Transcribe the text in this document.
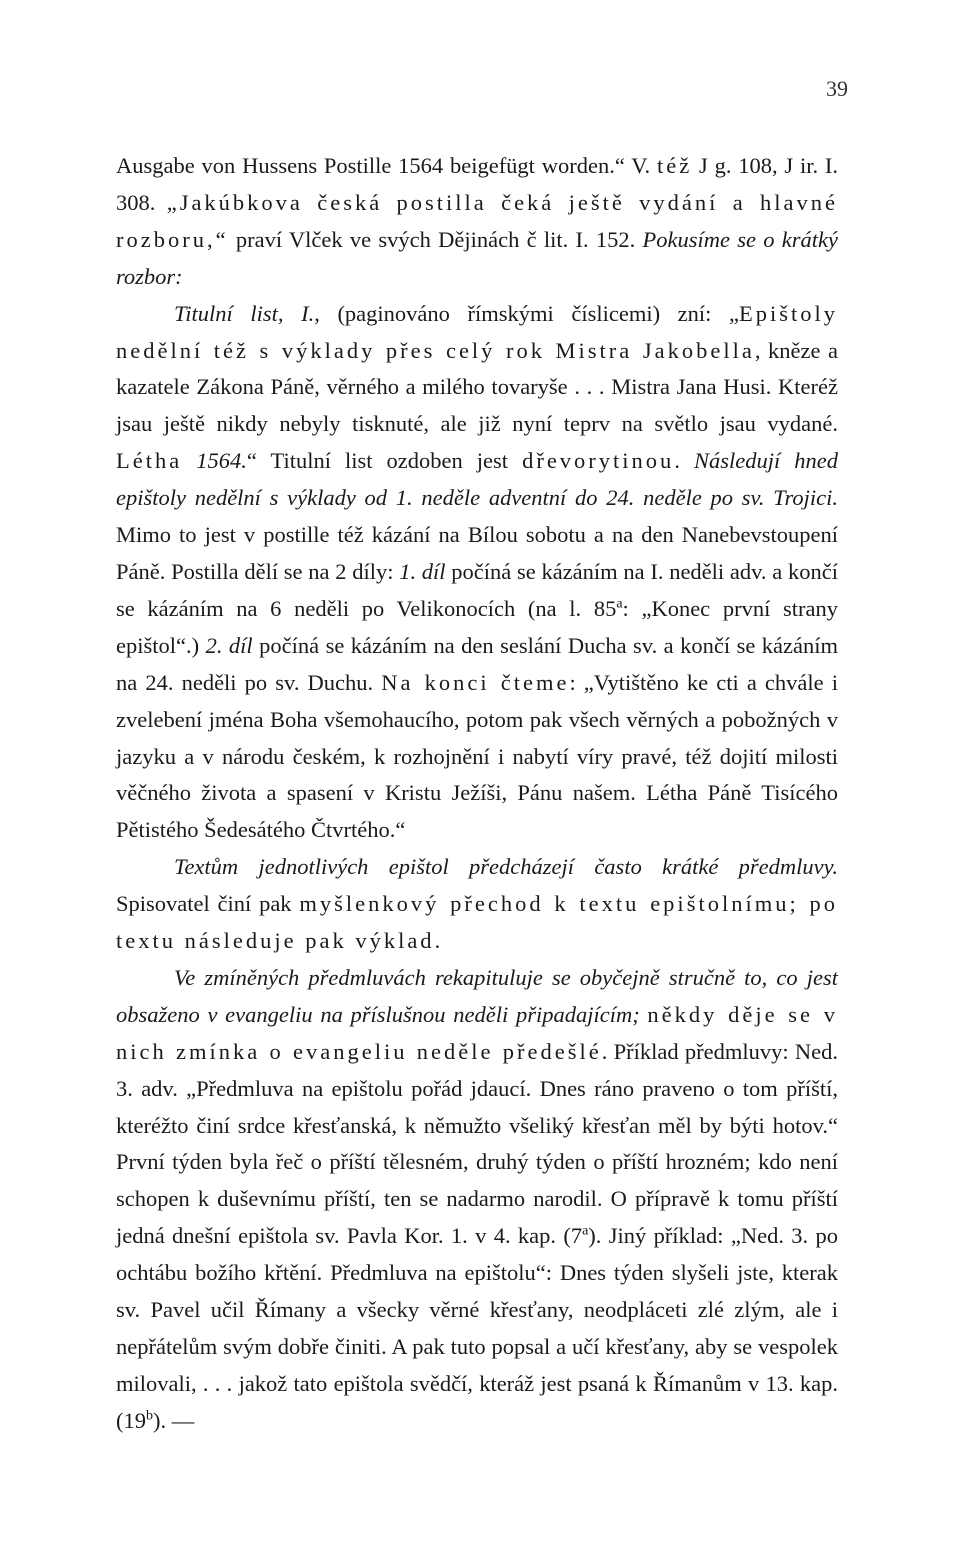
39

Ausgabe von Hussens Postille 1564 beigefügt worden.“ V. též J g. 108, J ir. I. 308. „Jakúbkova česká postilla čeká ještě vydání a hlavné rozboru,“ praví Vlček ve svých Dějinách č lit. I. 152. Pokusíme se o krátký rozbor:

Titulní list, I., (paginováno římskými číslicemi) zní: „Epištoly nedělní též s výklady přes celý rok Mistra Jakobella, kněze a kazatele Zákona Páně, věrného a milého tovaryše . . . Mistra Jana Husi. Kteréž jsau ještě nikdy nebyly tisknuté, ale již nyní teprv na světlo jsau vydané. Létha 1564.“ Titulní list ozdoben jest dřevorytinou. Následují hned epištoly nedělní s výklady od 1. neděle adventní do 24. neděle po sv. Trojici. Mimo to jest v postille též kázání na Bílou sobotu a na den Nanebevstoupení Páně. Postilla dělí se na 2 díly: 1. díl počíná se kázáním na I. neděli adv. a končí se kázáním na 6 neděli po Velikonocích (na l. 85$^a$: „Konec první strany epištol“.) 2. díl počíná se kázáním na den seslání Ducha sv. a končí se kázáním na 24. neděli po sv. Duchu. Na konci čteme: „Vytištěno ke cti a chvále i zvelebení jména Boha všemohaucího, potom pak všech věrných a pobožných v jazyku a v národu českém, k rozhojnění i nabytí víry pravé, též dojití milosti věčného života a spasení v Kristu Ježíši, Pánu našem. Létha Páně Tisícého Pětistého Šedesátého Čtvrtého.“

Textům jednotlivých epištol předcházejí často krátké předmluvy. Spisovatel činí pak myšlenkový přechod k textu epištolnímu; po textu následuje pak výklad.

Ve zmíněných předmluvách rekapituluje se obyčejně stručně to, co jest obsaženo v evangeliu na příslušnou neděli připadajícím; někdy děje se v nich zmínka o evangeliu neděle předešlé. Příklad předmluvy: Ned. 3. adv. „Předmluva na epištolu pořád jdaucí. Dnes ráno praveno o tom příští, kteréžto činí srdce křesťanská, k němužto všeliký křesťan měl by býti hotov.“ První týden byla řeč o příští tělesném, druhý týden o příští hrozném; kdo není schopen k duševnímu příští, ten se nadarmo narodil. O přípravě k tomu příští jedná dnešní epištola sv. Pavla Kor. 1. v 4. kap. (7$^a$). Jiný příklad: „Ned. 3. po ochtábu božího křtění. Předmluva na epištolu“: Dnes týden slyšeli jste, kterak sv. Pavel učil Římany a všecky věrné křesťany, neodpláceti zlé zlým, ale i nepřátelům svým dobře činiti. A pak tuto popsal a učí křesťany, aby se vespolek milovali, . . . jakož tato epištola svědčí, kteráž jest psaná k Římanům v 13. kap. (19$^b$). —
